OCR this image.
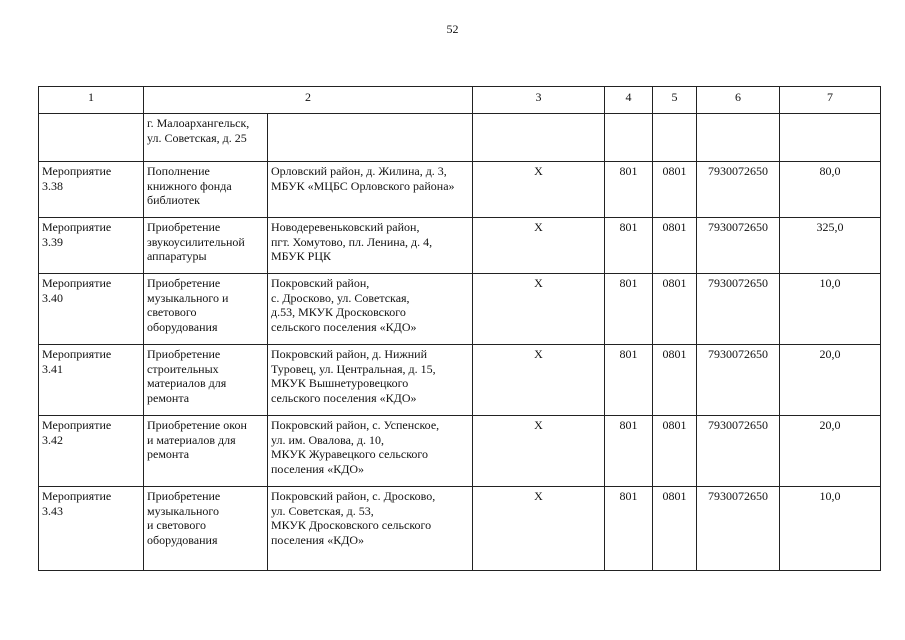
52
1	2		3	4	5	6	7
	г. Малоархангельск,
ул. Советская, д. 25						
Мероприятие
3.38	Пополнение
книжного фонда
библиотек	Орловский район, д. Жилина, д. 3,
МБУК «МЦБС Орловского района»	Х	801	0801	7930072650	80,0
Мероприятие
3.39	Приобретение
звукоусилительной
аппаратуры	Новодеревеньковский район,
пгт. Хомутово, пл. Ленина, д. 4,
МБУК РЦК	Х	801	0801	7930072650	325,0
Мероприятие
3.40	Приобретение
музыкального и
светового
оборудования	Покровский район,
с. Дросково, ул. Советская,
д.53, МКУК Дросковского
сельского поселения «КДО»	Х	801	0801	7930072650	10,0
Мероприятие
3.41	Приобретение
строительных
материалов для
ремонта	Покровский район, д. Нижний
Туровец, ул. Центральная, д. 15,
МКУК Вышнетуровецкого
сельского поселения «КДО»	Х	801	0801	7930072650	20,0
Мероприятие
3.42	Приобретение окон
и материалов для
ремонта	Покровский район, с. Успенское,
ул. им. Овалова, д. 10,
МКУК Журавецкого сельского
поселения «КДО»	Х	801	0801	7930072650	20,0
Мероприятие
3.43	Приобретение
музыкального
и светового
оборудования	Покровский район, с. Дросково,
ул. Советская, д. 53,
МКУК Дросковского сельского
поселения «КДО»	Х	801	0801	7930072650	10,0
